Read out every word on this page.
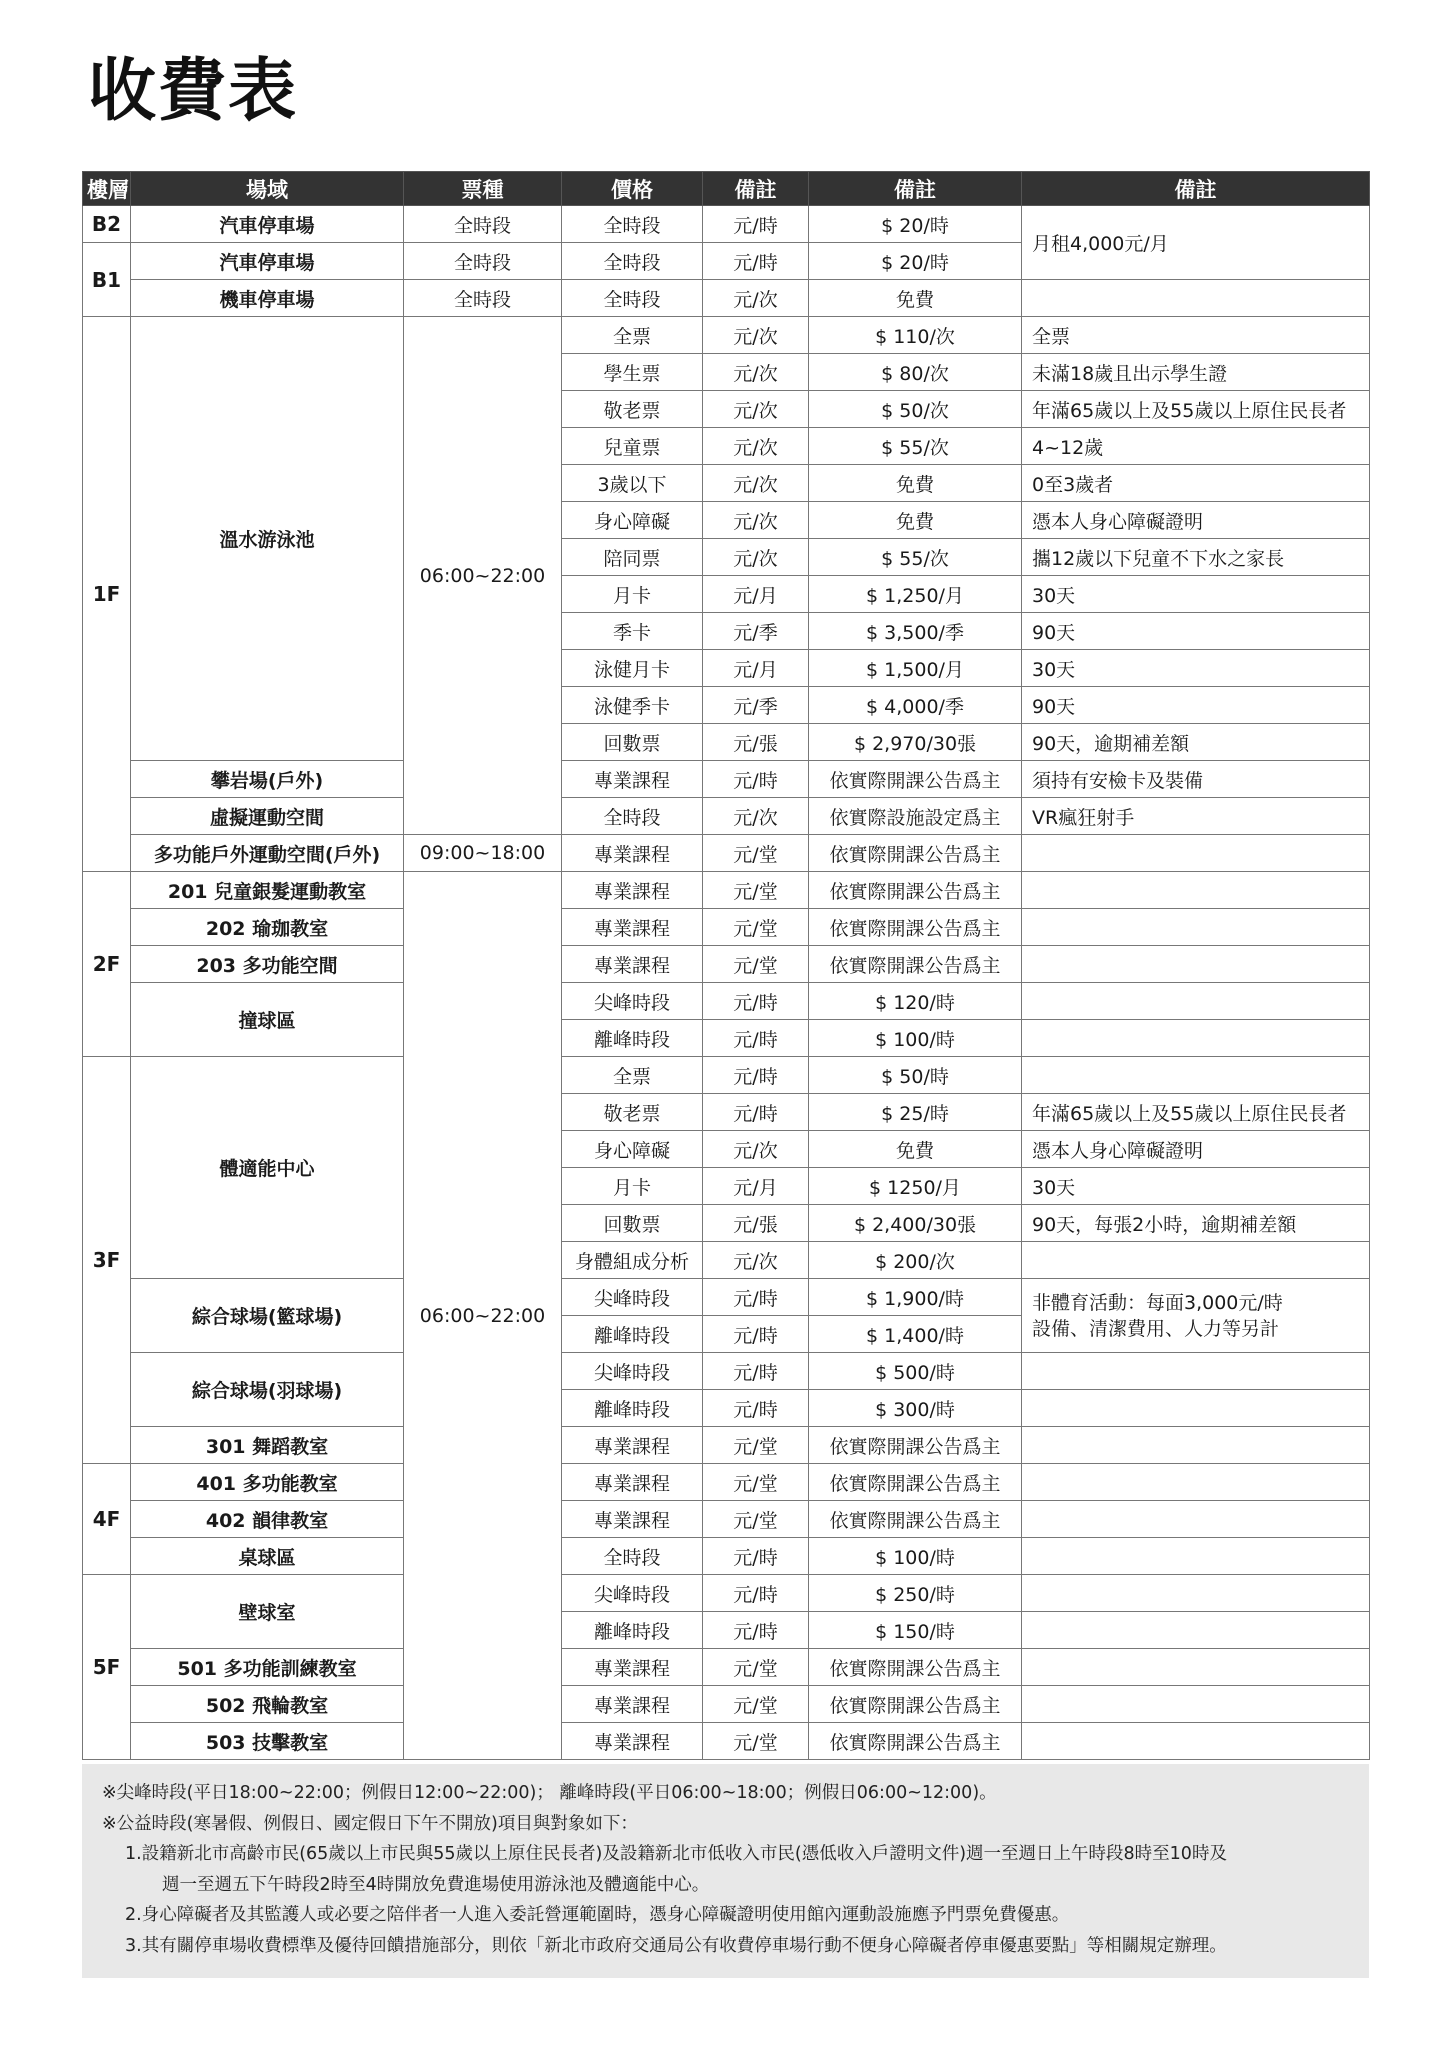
收費表
樓層	場域	票種	價格	備註	備註	備註
B2	汽車停車場	全時段	全時段	元/時	$ 20/時	月租4,000元/月
B1	汽車停車場	全時段	全時段	元/時	$ 20/時	
	機車停車場	全時段	全時段	元/次	免費	
1F	溫水游泳池	06:00~22:00	全票	元/次	$ 110/次	全票
			學生票	元/次	$ 80/次	未滿18歲且出示學生證
			敬老票	元/次	$ 50/次	年滿65歲以上及55歲以上原住民長者
			兒童票	元/次	$ 55/次	4~12歲
			3歲以下	元/次	免費	0至3歲者
			身心障礙	元/次	免費	憑本人身心障礙證明
			陪同票	元/次	$ 55/次	攜12歲以下兒童不下水之家長
			月卡	元/月	$ 1,250/月	30天
			季卡	元/季	$ 3,500/季	90天
			泳健月卡	元/月	$ 1,500/月	30天
			泳健季卡	元/季	$ 4,000/季	90天
			回數票	元/張	$ 2,970/30張	90天，逾期補差額
	攀岩場(戶外)		專業課程	元/時	依實際開課公告爲主	須持有安檢卡及裝備
	虛擬運動空間		全時段	元/次	依實際設施設定爲主	VR瘋狂射手
	多功能戶外運動空間(戶外)	09:00~18:00	專業課程	元/堂	依實際開課公告爲主	
2F	201 兒童銀髮運動教室	06:00~22:00	專業課程	元/堂	依實際開課公告爲主	
	202 瑜珈教室		專業課程	元/堂	依實際開課公告爲主	
	203 多功能空間		專業課程	元/堂	依實際開課公告爲主	
	撞球區		尖峰時段	元/時	$ 120/時	
			離峰時段	元/時	$ 100/時	
3F	體適能中心		全票	元/時	$ 50/時	
			敬老票	元/時	$ 25/時	年滿65歲以上及55歲以上原住民長者
			身心障礙	元/次	免費	憑本人身心障礙證明
			月卡	元/月	$ 1250/月	30天
			回數票	元/張	$ 2,400/30張	90天，每張2小時，逾期補差額
			身體組成分析	元/次	$ 200/次	
	綜合球場(籃球場)		尖峰時段	元/時	$ 1,900/時	非體育活動：每面3,000元/時
設備、清潔費用、人力等另計
			離峰時段	元/時	$ 1,400/時	
	綜合球場(羽球場)		尖峰時段	元/時	$ 500/時	
			離峰時段	元/時	$ 300/時	
	301 舞蹈教室		專業課程	元/堂	依實際開課公告爲主	
4F	401 多功能教室		專業課程	元/堂	依實際開課公告爲主	
	402 韻律教室		專業課程	元/堂	依實際開課公告爲主	
	桌球區		全時段	元/時	$ 100/時	
5F	壁球室		尖峰時段	元/時	$ 250/時	
			離峰時段	元/時	$ 150/時	
	501 多功能訓練教室		專業課程	元/堂	依實際開課公告爲主	
	502 飛輪教室		專業課程	元/堂	依實際開課公告爲主	
	503 技擊教室		專業課程	元/堂	依實際開課公告爲主	

※尖峰時段(平日18:00~22:00；例假日12:00~22:00)； 離峰時段(平日06:00~18:00；例假日06:00~12:00)。

※公益時段(寒暑假、例假日、國定假日下午不開放)項目與對象如下：

1.設籍新北市高齡市民(65歲以上市民與55歲以上原住民長者)及設籍新北市低收入市民(憑低收入戶證明文件)週一至週日上午時段8時至10時及

週一至週五下午時段2時至4時開放免費進場使用游泳池及體適能中心。

2.身心障礙者及其監護人或必要之陪伴者一人進入委託營運範圍時，憑身心障礙證明使用館內運動設施應予門票免費優惠。

3.其有關停車場收費標準及優待回饋措施部分，則依「新北市政府交通局公有收費停車場行動不便身心障礙者停車優惠要點」等相關規定辦理。
